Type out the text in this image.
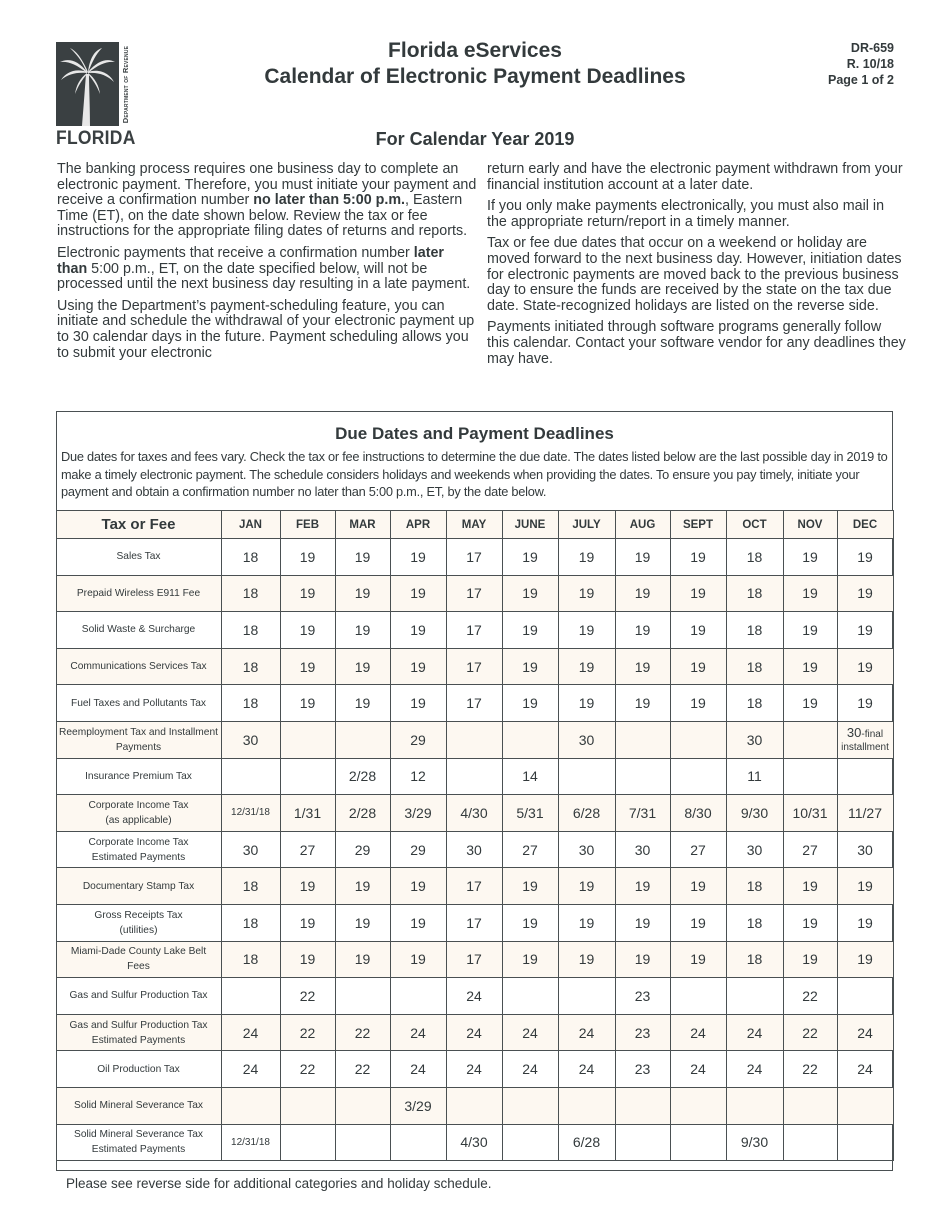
Department of Revenue
FLORIDA
Florida eServices
Calendar of Electronic Payment Deadlines
DR-659
R. 10/18
Page 1 of 2
For Calendar Year 2019

The banking process requires one business day to complete an electronic payment. Therefore, you must initiate your payment and receive a confirmation number no later than 5:00 p.m., Eastern Time (ET), on the date shown below. Review the tax or fee instructions for the appropriate filing dates of returns and reports.

Electronic payments that receive a confirmation number later than 5:00 p.m., ET, on the date specified below, will not be processed until the next business day resulting in a late payment.

Using the Department’s payment-scheduling feature, you can initiate and schedule the withdrawal of your electronic payment up to 30 calendar days in the future. Payment scheduling allows you to submit your electronic

return early and have the electronic payment withdrawn from your financial institution account at a later date.

If you only make payments electronically, you must also mail in the appropriate return/report in a timely manner.

Tax or fee due dates that occur on a weekend or holiday are moved forward to the next business day. However, initiation dates for electronic payments are moved back to the previous business day to ensure the funds are received by the state on the tax due date. State-recognized holidays are listed on the reverse side.

Payments initiated through software programs generally follow this calendar. Contact your software vendor for any deadlines they may have.

Due Dates and Payment Deadlines
Due dates for taxes and fees vary. Check the tax or fee instructions to determine the due date. The dates listed below are the last possible day in 2019 to make a timely electronic payment. The schedule considers holidays and weekends when providing the dates. To ensure you pay timely, initiate your payment and obtain a confirmation number no later than 5:00 p.m., ET, by the date below.
Tax or Fee	JAN	FEB	MAR	APR	MAY	JUNE	JULY	AUG	SEPT	OCT	NOV	DEC
Sales Tax	18	19	19	19	17	19	19	19	19	18	19	19
Prepaid Wireless E911 Fee	18	19	19	19	17	19	19	19	19	18	19	19
Solid Waste & Surcharge	18	19	19	19	17	19	19	19	19	18	19	19
Communications Services Tax	18	19	19	19	17	19	19	19	19	18	19	19
Fuel Taxes and Pollutants Tax	18	19	19	19	17	19	19	19	19	18	19	19
Reemployment Tax and Installment Payments	30			29			30			30		30-final
installment

Insurance Premium Tax			2/28	12		14				11		

Corporate Income Tax
(as applicable)	12/31/18	1/31	2/28	3/29	4/30	5/31	6/28	7/31	8/30	9/30	10/31	11/27

Corporate Income Tax
Estimated Payments	30	27	29	29	30	27	30	30	27	30	27	30
Documentary Stamp Tax	18	19	19	19	17	19	19	19	19	18	19	19

Gross Receipts Tax
(utilities)	18	19	19	19	17	19	19	19	19	18	19	19
Miami-Dade County Lake Belt Fees	18	19	19	19	17	19	19	19	19	18	19	19
Gas and Sulfur Production Tax		22			24			23			22	

Gas and Sulfur Production Tax
Estimated Payments	24	22	22	24	24	24	24	23	24	24	22	24
Oil Production Tax	24	22	22	24	24	24	24	23	24	24	22	24
Solid Mineral Severance Tax				3/29								

Solid Mineral Severance Tax
Estimated Payments	12/31/18				4/30		6/28			9/30		
Please see reverse side for additional categories and holiday schedule.
